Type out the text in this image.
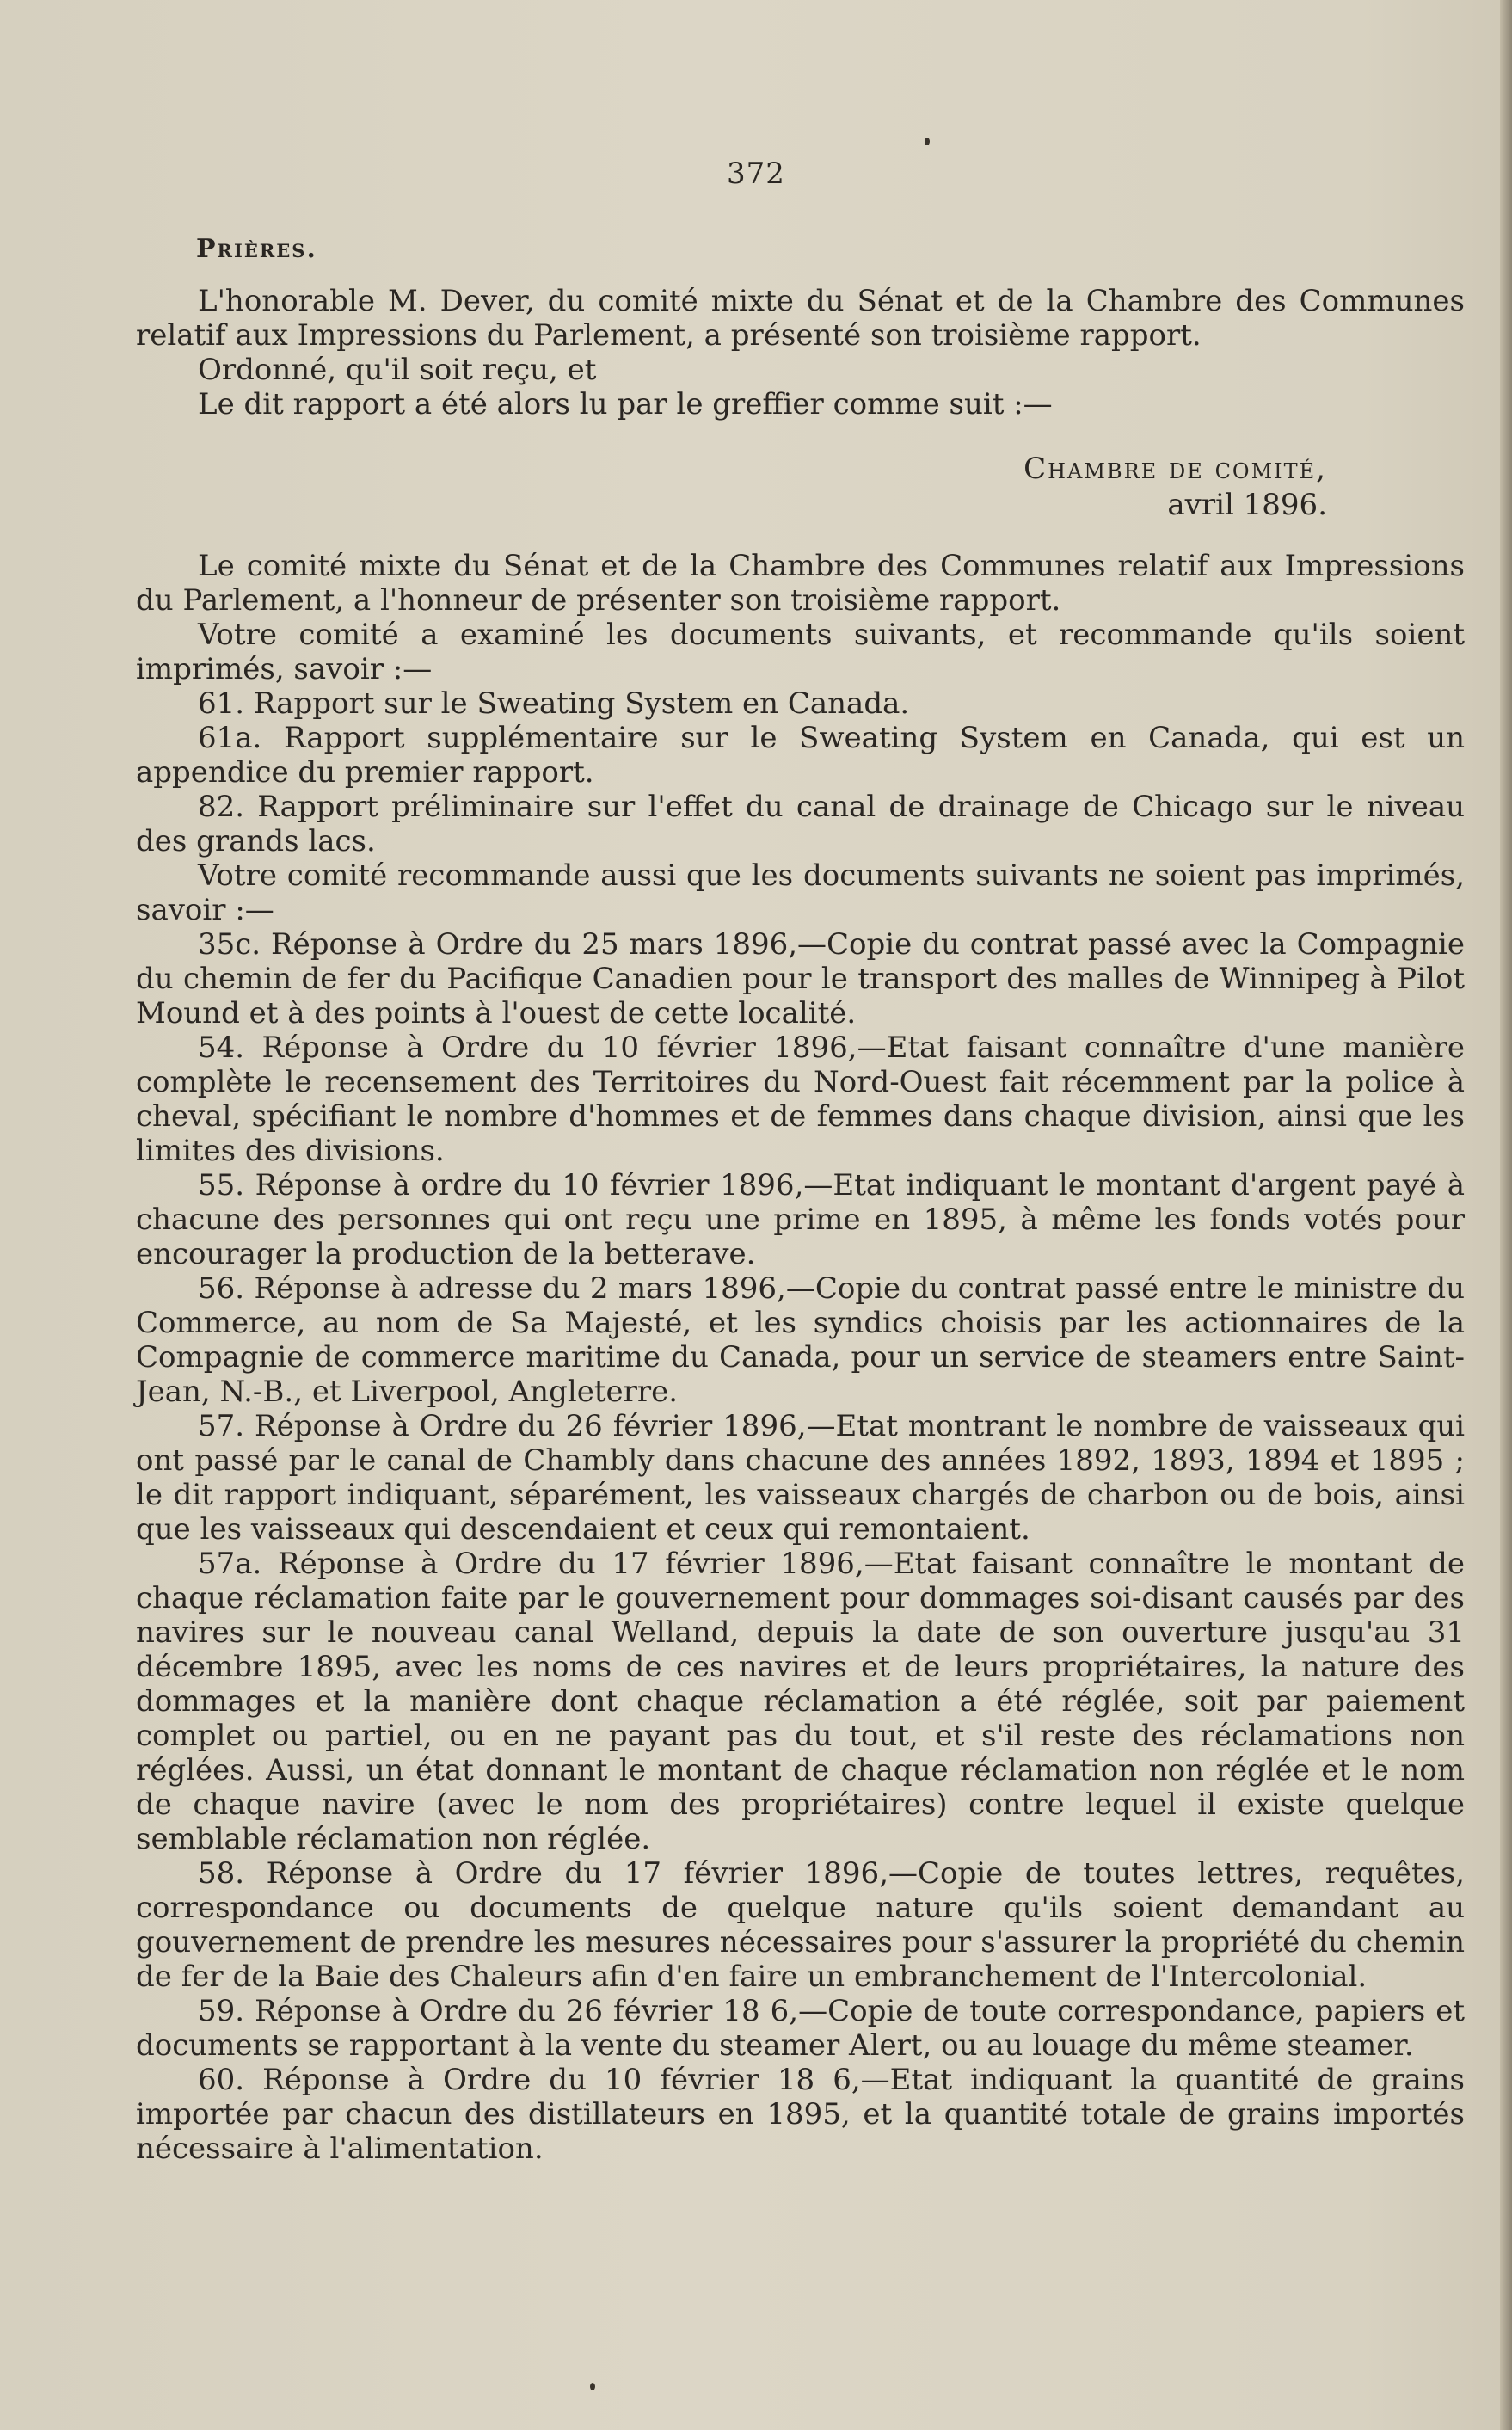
372
Prières.

L'honorable M. Dever, du comité mixte du Sénat et de la Chambre des Communes relatif aux Impressions du Parlement, a présenté son troisième rapport.

Ordonné, qu'il soit reçu, et

Le dit rapport a été alors lu par le greffier comme suit :—

Chambre de comité,
avril 1896.

Le comité mixte du Sénat et de la Chambre des Communes relatif aux Impressions du Parlement, a l'honneur de présenter son troisième rapport.

Votre comité a examiné les documents suivants, et recommande qu'ils soient imprimés, savoir :—

61. Rapport sur le Sweating System en Canada.

61a. Rapport supplémentaire sur le Sweating System en Canada, qui est un appendice du premier rapport.

82. Rapport préliminaire sur l'effet du canal de drainage de Chicago sur le niveau des grands lacs.

Votre comité recommande aussi que les documents suivants ne soient pas imprimés, savoir :—

35c. Réponse à Ordre du 25 mars 1896,—Copie du contrat passé avec la Compagnie du chemin de fer du Pacifique Canadien pour le transport des malles de Winnipeg à Pilot Mound et à des points à l'ouest de cette localité.

54. Réponse à Ordre du 10 février 1896,—Etat faisant connaître d'une manière complète le recensement des Territoires du Nord-Ouest fait récemment par la police à cheval, spécifiant le nombre d'hommes et de femmes dans chaque division, ainsi que les limites des divisions.

55. Réponse à ordre du 10 février 1896,—Etat indiquant le montant d'argent payé à chacune des personnes qui ont reçu une prime en 1895, à même les fonds votés pour encourager la production de la betterave.

56. Réponse à adresse du 2 mars 1896,—Copie du contrat passé entre le ministre du Commerce, au nom de Sa Majesté, et les syndics choisis par les actionnaires de la Compagnie de commerce maritime du Canada, pour un service de steamers entre Saint-Jean, N.-B., et Liverpool, Angleterre.

57. Réponse à Ordre du 26 février 1896,—Etat montrant le nombre de vaisseaux qui ont passé par le canal de Chambly dans chacune des années 1892, 1893, 1894 et 1895 ; le dit rapport indiquant, séparément, les vaisseaux chargés de charbon ou de bois, ainsi que les vaisseaux qui descendaient et ceux qui remontaient.

57a. Réponse à Ordre du 17 février 1896,—Etat faisant connaître le montant de chaque réclamation faite par le gouvernement pour dommages soi-disant causés par des navires sur le nouveau canal Welland, depuis la date de son ouverture jusqu'au 31 décembre 1895, avec les noms de ces navires et de leurs propriétaires, la nature des dommages et la manière dont chaque réclamation a été réglée, soit par paiement complet ou partiel, ou en ne payant pas du tout, et s'il reste des réclamations non réglées. Aussi, un état donnant le montant de chaque réclamation non réglée et le nom de chaque navire (avec le nom des propriétaires) contre lequel il existe quelque semblable réclamation non réglée.

58. Réponse à Ordre du 17 février 1896,—Copie de toutes lettres, requêtes, correspondance ou documents de quelque nature qu'ils soient demandant au gouvernement de prendre les mesures nécessaires pour s'assurer la propriété du chemin de fer de la Baie des Chaleurs afin d'en faire un embranchement de l'Intercolonial.

59. Réponse à Ordre du 26 février 18 6,—Copie de toute correspondance, papiers et documents se rapportant à la vente du steamer Alert, ou au louage du même steamer.

60. Réponse à Ordre du 10 février 18 6,—Etat indiquant la quantité de grains importée par chacun des distillateurs en 1895, et la quantité totale de grains importés nécessaire à l'alimentation.
